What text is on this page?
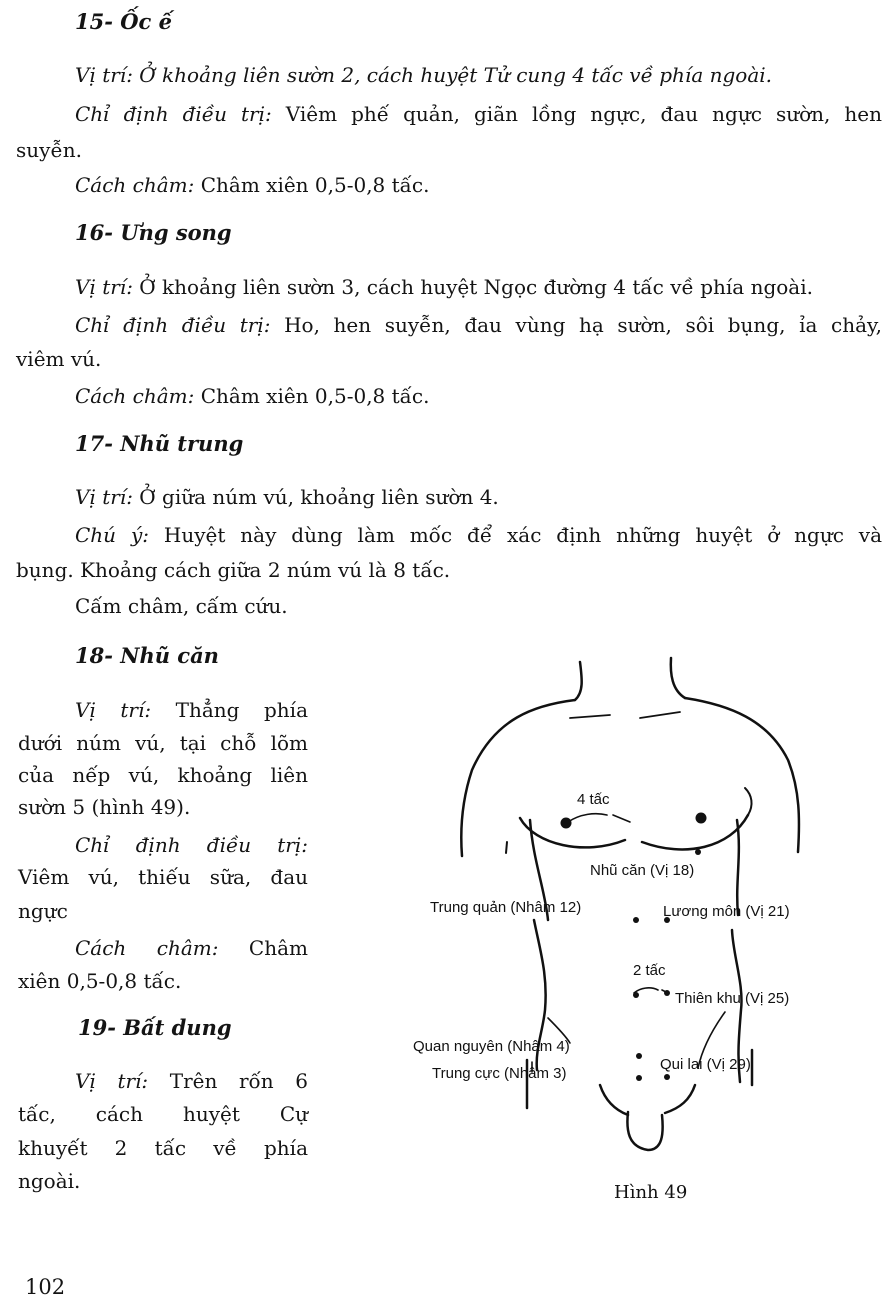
15- Ốc ế
Vị trí: Ở khoảng liên sườn 2, cách huyệt Tử cung 4 tấc về phía ngoài.
Chỉ định điều trị: Viêm phế quản, giãn lồng ngực, đau ngực sườn, hen
suyễn.
Cách châm: Châm xiên 0,5-0,8 tấc.
16- Ưng song
Vị trí: Ở khoảng liên sườn 3, cách huyệt Ngọc đường 4 tấc về phía ngoài.
Chỉ định điều trị: Ho, hen suyễn, đau vùng hạ sườn, sôi bụng, ỉa chảy,
viêm vú.
Cách châm: Châm xiên 0,5-0,8 tấc.
17- Nhũ trung
Vị trí: Ở giữa núm vú, khoảng liên sườn 4.
Chú ý: Huyệt này dùng làm mốc để xác định những huyệt ở ngực và
bụng. Khoảng cách giữa 2 núm vú là 8 tấc.
Cấm châm, cấm cứu.
18- Nhũ căn
Vị trí: Thẳng phía
dưới núm vú, tại chỗ lõm
của nếp vú, khoảng liên
sườn 5 (hình 49).
Chỉ định điều trị:
Viêm vú, thiếu sữa, đau
ngực
Cách châm: Châm
xiên 0,5-0,8 tấc.
19- Bất dung
Vị trí: Trên rốn 6
tấc, cách huyệt Cự
khuyết 2 tấc về phía
ngoài.
4 tấc
Nhũ căn (Vị 18)
Trung quản (Nhâm 12)	Lương môn (Vị 21)
2 tấc
Thiên khu (Vị 25)
Quan nguyên (Nhâm 4)
Trung cực (Nhâm 3)
Qui lai (Vị 29)
Hình 49
102
